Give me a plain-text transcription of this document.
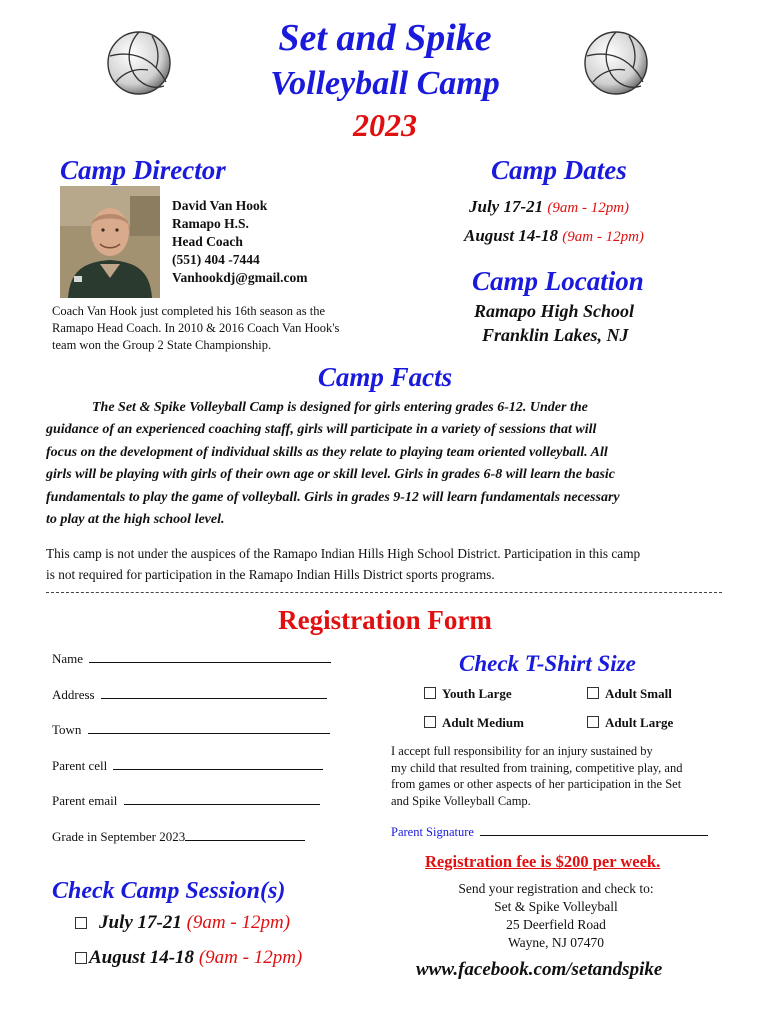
Set and Spike
Volleyball Camp
2023
Camp Director
David Van Hook
Ramapo H.S.
Head Coach
(551) 404 -7444
Vanhookdj@gmail.com
Coach Van Hook just completed his 16th season as the
Ramapo Head Coach. In 2010 & 2016 Coach Van Hook's
team won the Group 2 State Championship.
Camp Dates
July 17-21 (9am - 12pm)
August 14-18 (9am - 12pm)
Camp Location
Ramapo High School
Franklin Lakes, NJ
Camp Facts
The Set & Spike Volleyball Camp is designed for girls entering grades 6-12. Under the
guidance of an experienced coaching staff, girls will participate in a variety of sessions that will
focus on the development of individual skills as they relate to playing team oriented volleyball. All
girls will be playing with girls of their own age or skill level. Girls in grades 6-8 will learn the basic
fundamentals to play the game of volleyball. Girls in grades 9-12 will learn fundamentals necessary
to play at the high school level.
This camp is not under the auspices of the Ramapo Indian Hills High School District. Participation in this camp
is not required for participation in the Ramapo Indian Hills District sports programs.
Registration Form
Name
Address
Town
Parent cell
Parent email
Grade in September 2023
Check T-Shirt Size
Youth Large	Adult Small
Adult Medium	Adult Large
I accept full responsibility for an injury sustained by
my child that resulted from training, competitive play, and
from games or other aspects of her participation in the Set
and Spike Volleyball Camp.
Parent Signature
Registration fee is $200 per week.
Send your registration and check to:
Set & Spike Volleyball
25 Deerfield Road
Wayne, NJ 07470
www.facebook.com/setandspike
Check Camp Session(s)
July 17-21 (9am - 12pm)
August 14-18 (9am - 12pm)
